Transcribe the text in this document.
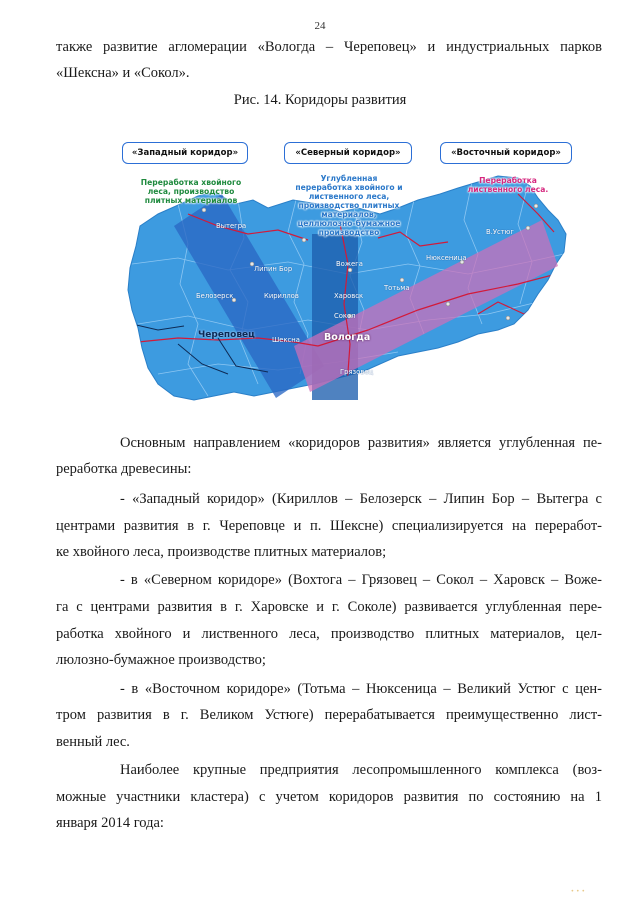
24
также развитие агломерации «Вологда – Череповец» и индустриальных парков
«Шексна» и «Сокол».
Рис. 14. Коридоры развития
«Западный коридор»	«Северный коридор»	«Восточный коридор»
Переработка хвойного
леса, производство
плитных материалов
Углубленная
переработка хвойного и
лиственного леса,
производство плитных
материалов,
целлюлозно-бумажное
производство
Переработка
лиственного леса.
Вытегра
Липин Бор
Вожега
Белозерск	Кириллов	Харовск
Тотьма
Нюксеница
В.Устюг
Сокол
Череповец	Шексна	Вологда
Грязовец
Основным направлением «коридоров развития» является углубленная пе-
реработка древесины:
- «Западный коридор» (Кириллов – Белозерск – Липин Бор – Вытегра с
центрами развития в г. Череповце и п. Шексне) специализируется на переработ-
ке хвойного леса, производстве плитных материалов;
- в «Северном коридоре» (Вохтога – Грязовец – Сокол – Харовск – Воже-
га с центрами развития в г. Харовске и г. Соколе) развивается углубленная пере-
работка хвойного и лиственного леса, производство плитных материалов, цел-
люлозно-бумажное производство;
- в «Восточном коридоре» (Тотьма – Нюксеница – Великий Устюг с цен-
тром развития в г. Великом Устюге) перерабатывается преимущественно лист-
венный лес.
Наиболее крупные предприятия лесопромышленного комплекса (воз-
можные участники кластера) с учетом коридоров развития по состоянию на 1
января 2014 года:
• • •
